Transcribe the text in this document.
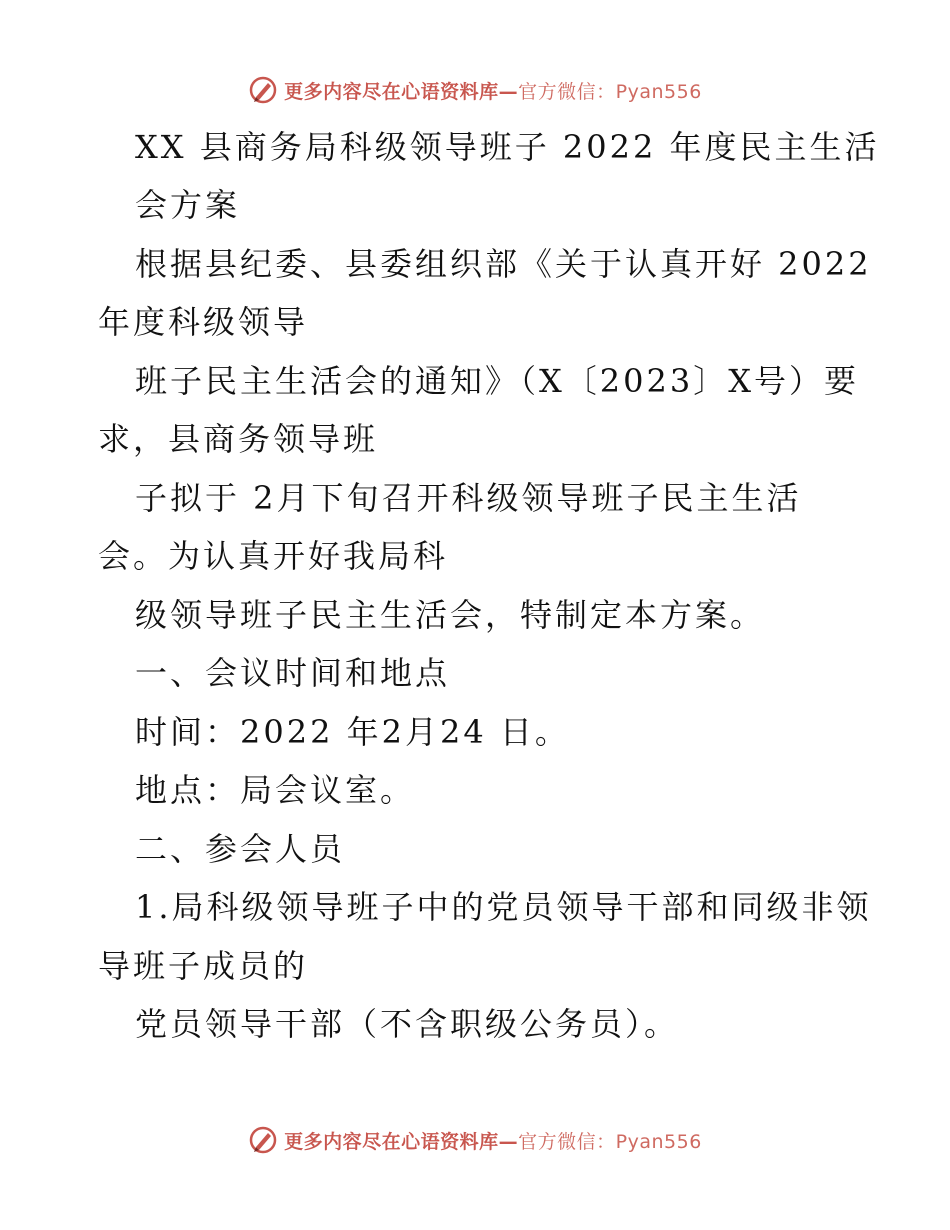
更多内容尽在心语资料库—官方微信：Pyan556
XX 县商务局科级领导班子 2022 年度民主生活
会方案
根据县纪委、县委组织部《关于认真开好 2022
年度科级领导
班子民主生活会的通知》（X〔2023〕X号）要
求，县商务领导班
子拟于 2月下旬召开科级领导班子民主生活
会。为认真开好我局科
级领导班子民主生活会，特制定本方案。
一、会议时间和地点
时间：2022 年2月24 日。
地点：局会议室。
二、参会人员
1.局科级领导班子中的党员领导干部和同级非领
导班子成员的
党员领导干部（不含职级公务员）。
更多内容尽在心语资料库—官方微信：Pyan556
